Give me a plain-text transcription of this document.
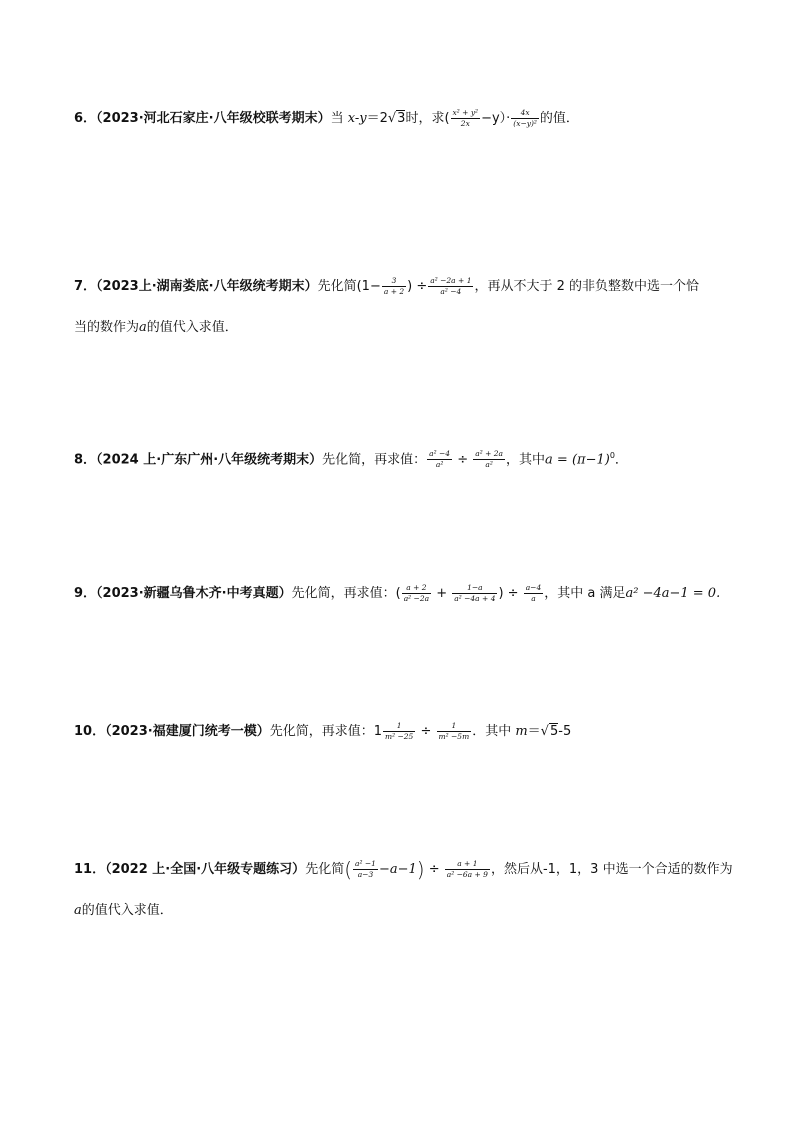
6．（2023·河北石家庄·八年级校联考期末）当 x-y＝2√3时，求( $\frac{\text{x² + y²}}{2x} -y)\cdot \frac{4x}{\text{(x−y)²}}$ 的值．
7．（2023上·湖南娄底·八年级统考期末）先化简($1- \frac{3}{a + 2}$ ) ÷ $\frac{\text{a² −2a + 1}}{\text{a² −4}}$ ，再从不大于 2 的非负整数中选一个恰
当的数作为a的值代入求值．
8．（2024 上·广东广州·八年级统考期末）先化简，再求值： $\frac{\text{a² −4}}{\text{a²}} \div \frac{\text{a² + 2a}}{\text{a²}}$ ，其中$a = (\pi-1)^0$．
9．（2023·新疆乌鲁木齐·中考真题）先化简，再求值：( $\frac{a + 2}{\text{a² −2a}} + \frac{1-a}{\text{a² −4a + 4}}$ ) ÷ $\frac{a-4}{a}$ ，其中 a 满足a² −4a−1 = 0.
10．（2023·福建厦门统考一模）先化简，再求值：$1 \frac{1}{\text{m² −25}} \div \frac{1}{\text{m² −5m}}$ ．其中 m＝√5-5
11．（2022 上·全国·八年级专题练习）先化简( $\frac{\text{a² −1}}{a-3} -a-1) \div \frac{a + 1}{\text{a² −6a + 9}}$ ，然后从-1，1，3 中选一个合适的数作为
a的值代入求值．
